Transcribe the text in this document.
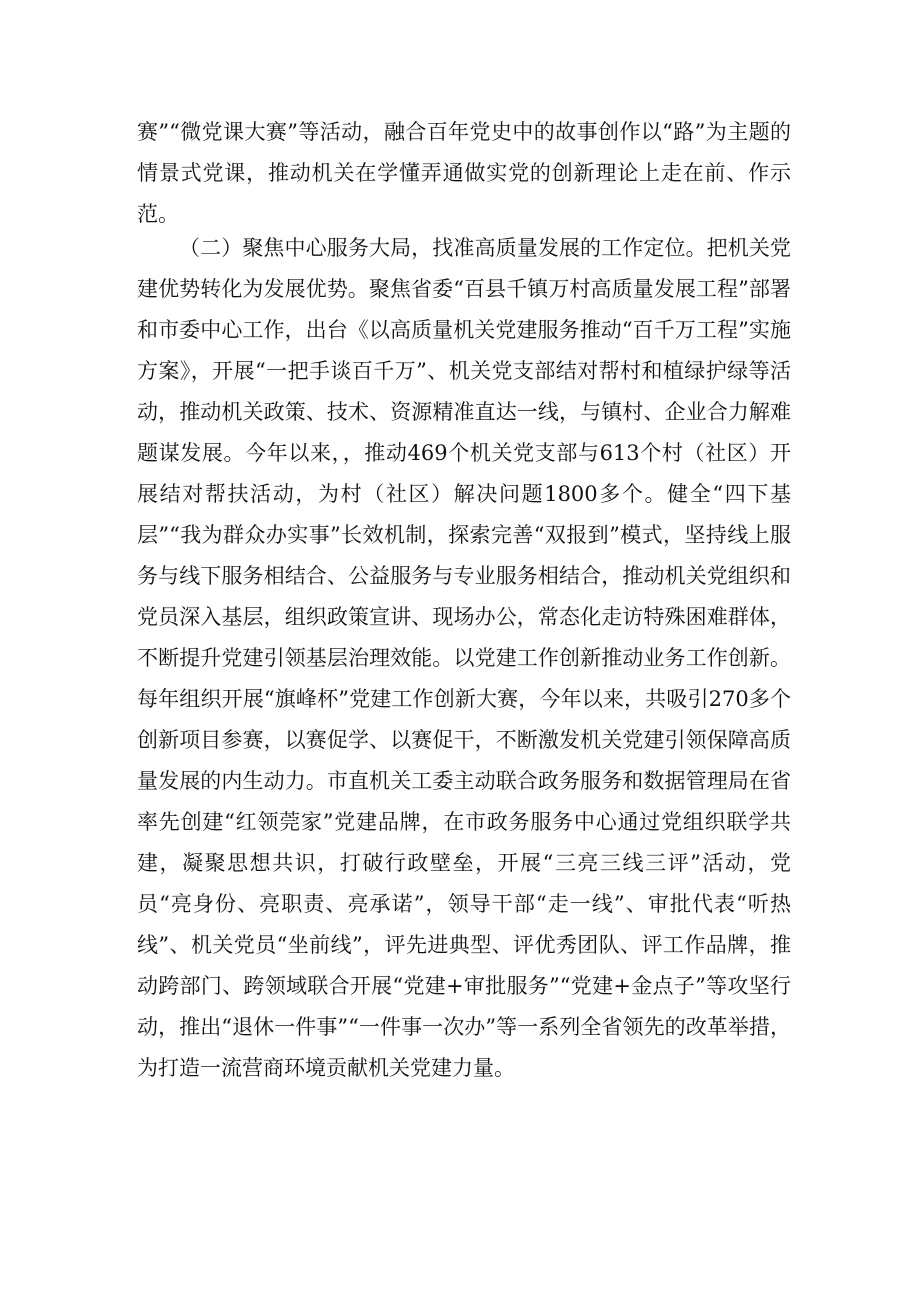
赛”“微党课大赛”等活动，融合百年党史中的故事创作以“路”为主题的情景式党课，推动机关在学懂弄通做实党的创新理论上走在前、作示范。

（二）聚焦中心服务大局，找准高质量发展的工作定位。把机关党建优势转化为发展优势。聚焦省委“百县千镇万村高质量发展工程”部署和市委中心工作，出台《以高质量机关党建服务推动“百千万工程”实施方案》，开展“一把手谈百千万”、机关党支部结对帮村和植绿护绿等活动，推动机关政策、技术、资源精准直达一线，与镇村、企业合力解难题谋发展。今年以来，，推动469个机关党支部与613个村（社区）开展结对帮扶活动，为村（社区）解决问题1800多个。健全“四下基层”“我为群众办实事”长效机制，探索完善“双报到”模式，坚持线上服务与线下服务相结合、公益服务与专业服务相结合，推动机关党组织和党员深入基层，组织政策宣讲、现场办公，常态化走访特殊困难群体，不断提升党建引领基层治理效能。以党建工作创新推动业务工作创新。每年组织开展“旗峰杯”党建工作创新大赛，今年以来，共吸引270多个创新项目参赛，以赛促学、以赛促干，不断激发机关党建引领保障高质量发展的内生动力。市直机关工委主动联合政务服务和数据管理局在省率先创建“红领莞家”党建品牌，在市政务服务中心通过党组织联学共建，凝聚思想共识，打破行政壁垒，开展“三亮三线三评”活动，党员“亮身份、亮职责、亮承诺”，领导干部“走一线”、审批代表“听热线”、机关党员“坐前线”，评先进典型、评优秀团队、评工作品牌，推动跨部门、跨领域联合开展“党建+审批服务”“党建+金点子”等攻坚行动，推出“退休一件事”“一件事一次办”等一系列全省领先的改革举措，为打造一流营商环境贡献机关党建力量。
